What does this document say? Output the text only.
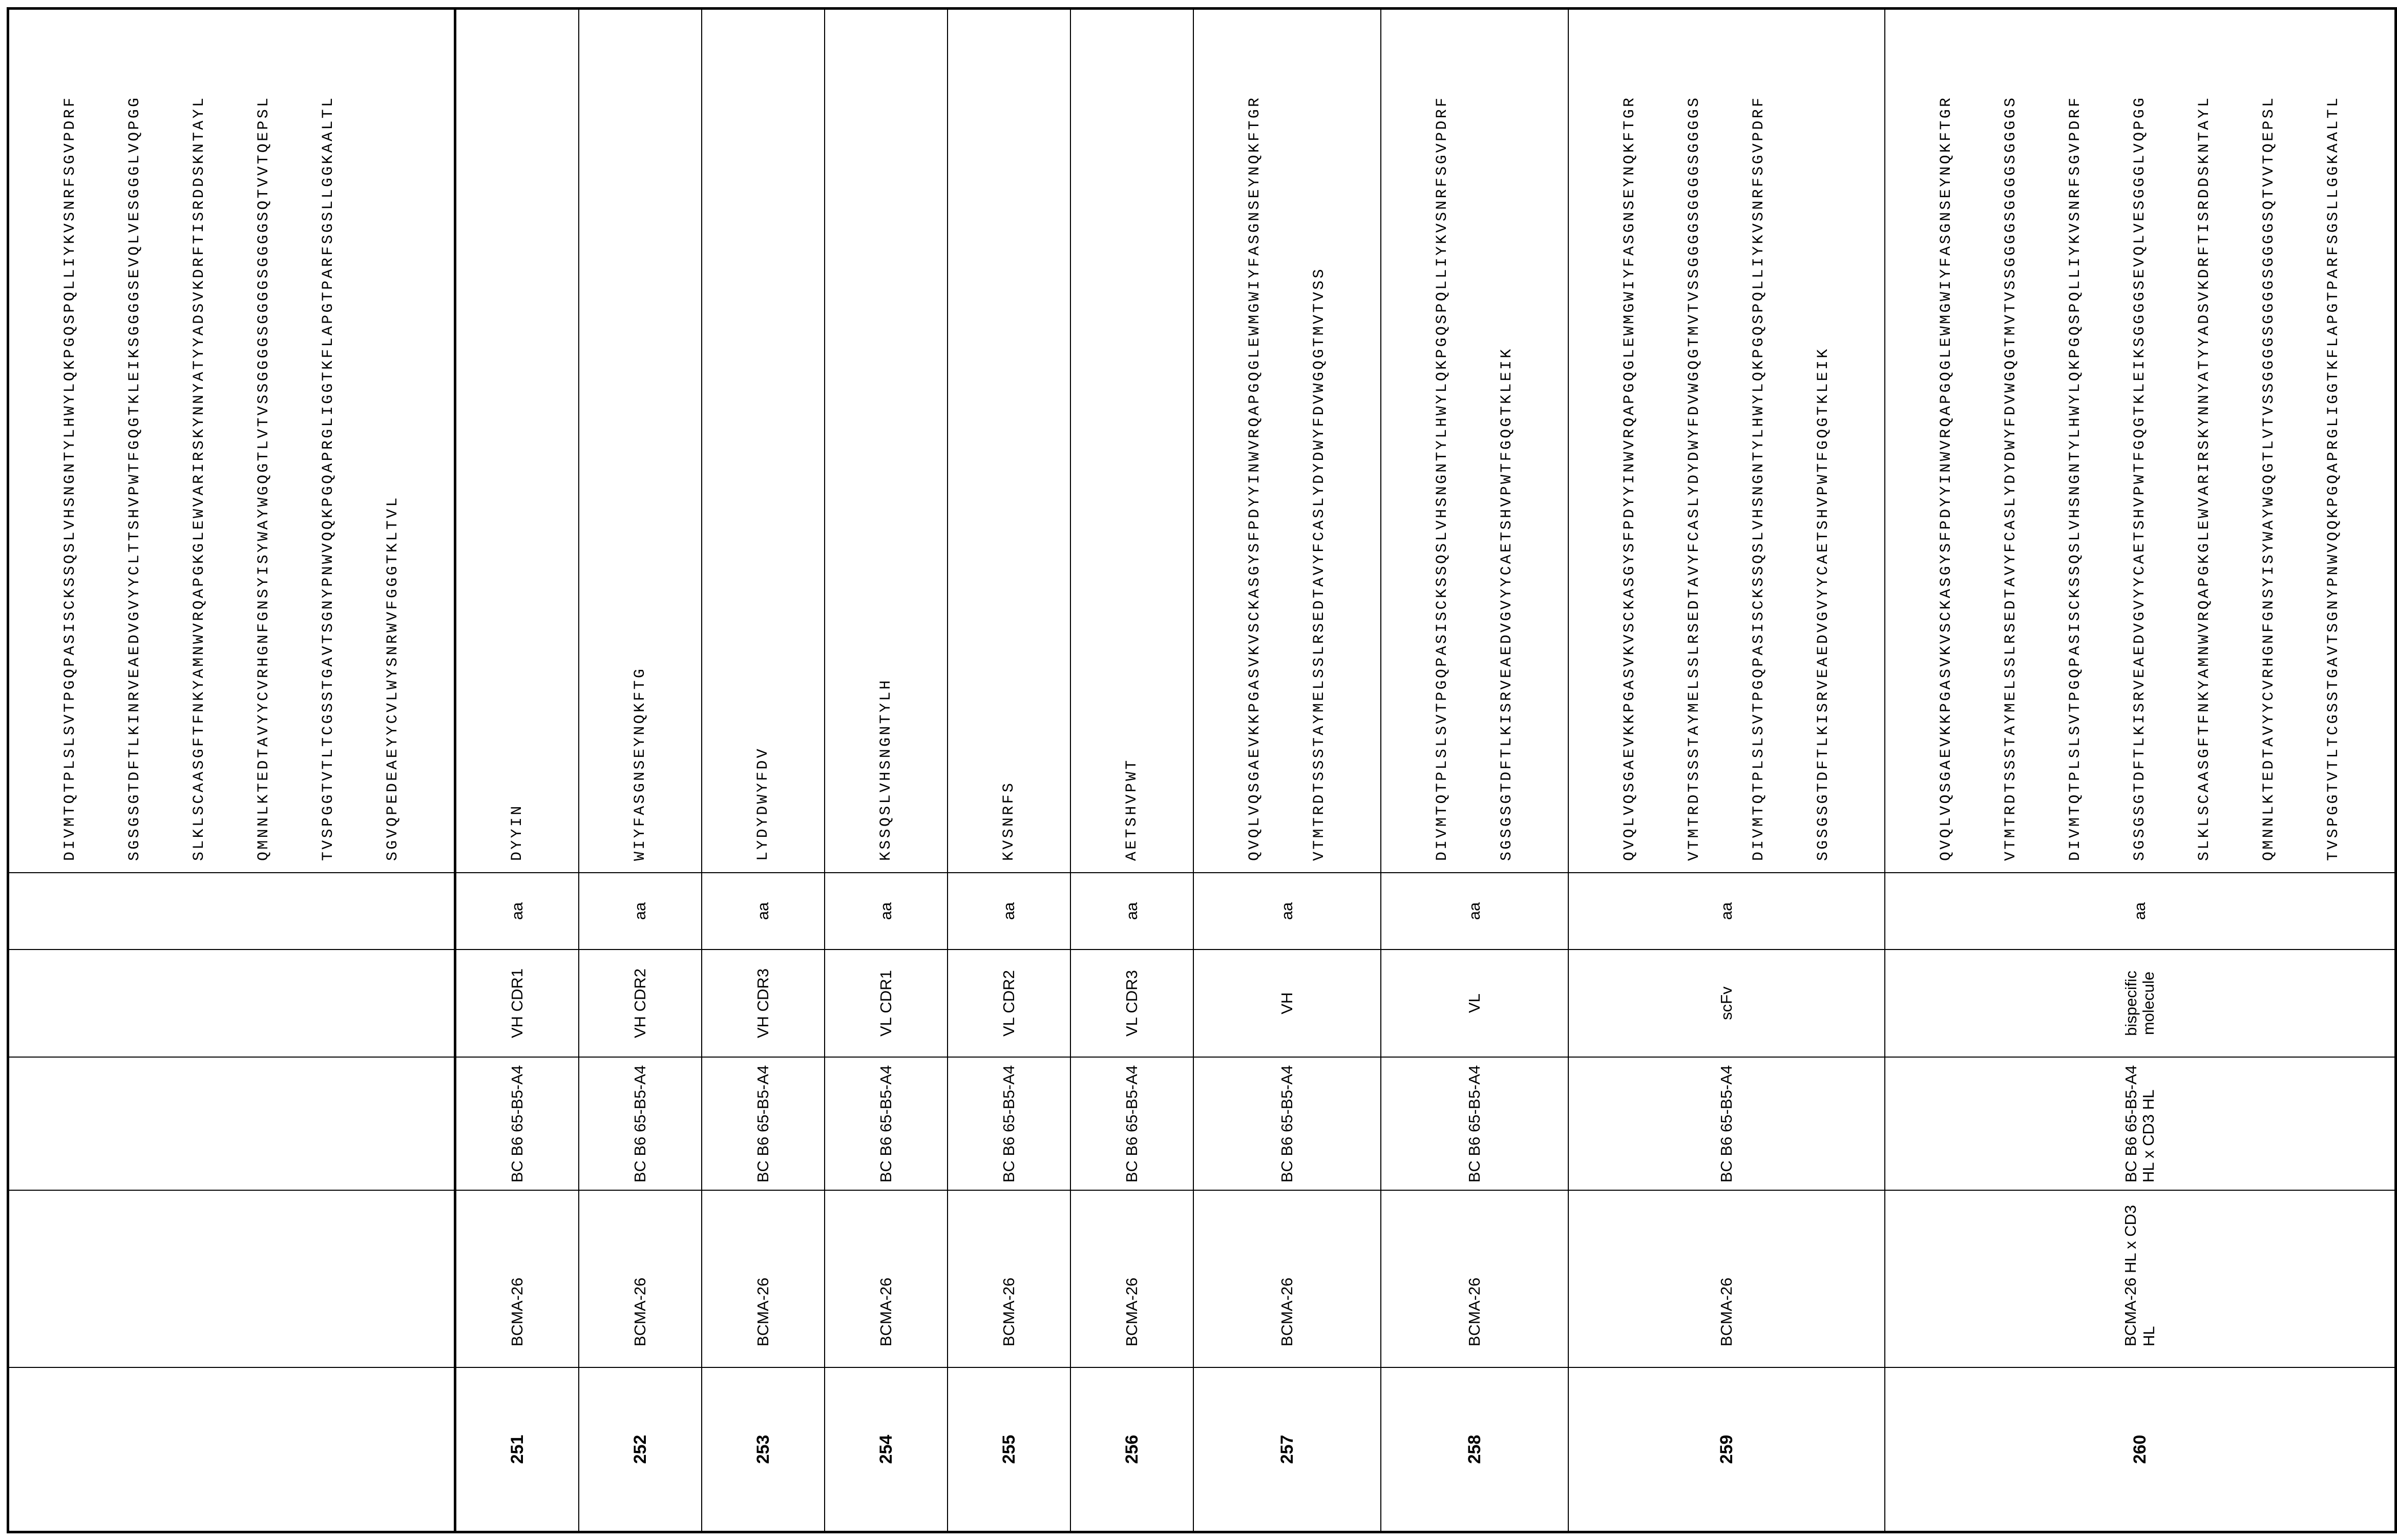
DIVMTQTPLSLSVTPGQPASISCKSSQSLVHSNGNTYLHWYLQKPGQSPQLLIYKVSNRFSGVPDRF

	SGSGSGTDFTLKINRVEAEDVGVYYCLTTSHVPWTFGQGTKLEIKSGGGGSEVQLVESGGGLVQPGG

	SLKLSCAASGFTFNKYAMNWVRQAPGKGLEWVARIRSKYNNYATYYADSVKDRFTISRDDSKNTAYL

	QMNNLKTEDTAVYYCVRHGNFGNSYISYWAYWGQGTLVTVSSGGGGSGGGGSGGGGSQTVVTQEPSL

	TVSPGGTVTLTCGSSTGAVTSGNYPNWVQQKPGQAPRGLIGGTKFLAPGTPARFSGSLLGGKAALTL

	SGVQPEDEAEYYCVLWYSNRWVFGGGTKLTVL

251	BCMA-26	BC B6 65-B5-A4	VH CDR1	aa	DYYIN

252	BCMA-26	BC B6 65-B5-A4	VH CDR2	aa	WIYFASGNSEYNQKFTG

253	BCMA-26	BC B6 65-B5-A4	VH CDR3	aa	LYDYDWYFDV

254	BCMA-26	BC B6 65-B5-A4	VL CDR1	aa	KSSQSLVHSNGNTYLH

255	BCMA-26	BC B6 65-B5-A4	VL CDR2	aa	KVSNRFS

256	BCMA-26	BC B6 65-B5-A4	VL CDR3	aa	AETSHVPWT

257	BCMA-26	BC B6 65-B5-A4	VH	aa	QVQLVQSGAEVKKPGASVKVSCKASGYSFPDYYINWVRQAPGQGLEWMGWIYFASGNSEYNQKFTGR

VTMTRDTSSSTAYMELSSLRSEDTAVYFCASLYDYDWYFDVWGQGTMVTVSS

258	BCMA-26	BC B6 65-B5-A4	VL	aa	DIVMTQTPLSLSVTPGQPASISCKSSQSLVHSNGNTYLHWYLQKPGQSPQLLIYKVSNRFSGVPDRF

SGSGSGTDFTLKISRVEAEDVGVYYCAETSHVPWTFGQGTKLEIK

259	BCMA-26	BC B6 65-B5-A4	scFv	aa	QVQLVQSGAEVKKPGASVKVSCKASGYSFPDYYINWVRQAPGQGLEWMGWIYFASGNSEYNQKFTGR

VTMTRDTSSSTAYMELSSLRSEDTAVYFCASLYDYDWYFDVWGQGTMVTVSSGGGGSGGGGSGGGGS

DIVMTQTPLSLSVTPGQPASISCKSSQSLVHSNGNTYLHWYLQKPGQSPQLLIYKVSNRFSGVPDRF

SGSGSGTDFTLKISRVEAEDVGVYYCAETSHVPWTFGQGTKLEIK

260	BCMA-26 HL x CD3 HL	BC B6 65-B5-A4 HL x CD3 HL	bispecific molecule	aa	

QVQLVQSGAEVKKPGASVKVSCKASGYSFPDYYINWVRQAPGQGLEWMGWIYFASGNSEYNQKFTGR

	VTMTRDTSSSTAYMELSSLRSEDTAVYFCASLYDYDWYFDVWGQGTMVTVSSGGGGSGGGGSGGGGS

	DIVMTQTPLSLSVTPGQPASISCKSSQSLVHSNGNTYLHWYLQKPGQSPQLLIYKVSNRFSGVPDRF

	SGSGSGTDFTLKISRVEAEDVGVYYCAETSHVPWTFGQGTKLEIKSGGGGSEVQLVESGGGLVQPGG

	SLKLSCAASGFTFNKYAMNWVRQAPGKGLEWVARIRSKYNNYATYYADSVKDRFTISRDDSKNTAYL

	QMNNLKTEDTAVYYCVRHGNFGNSYISYWAYWGQGTLVTVSSGGGGSGGGGSGGGGSQTVVTQEPSL

	TVSPGGTVTLTCGSSTGAVTSGNYPNWVQQKPGQAPRGLIGGTKFLAPGTPARFSGSLLGGKAALTL
